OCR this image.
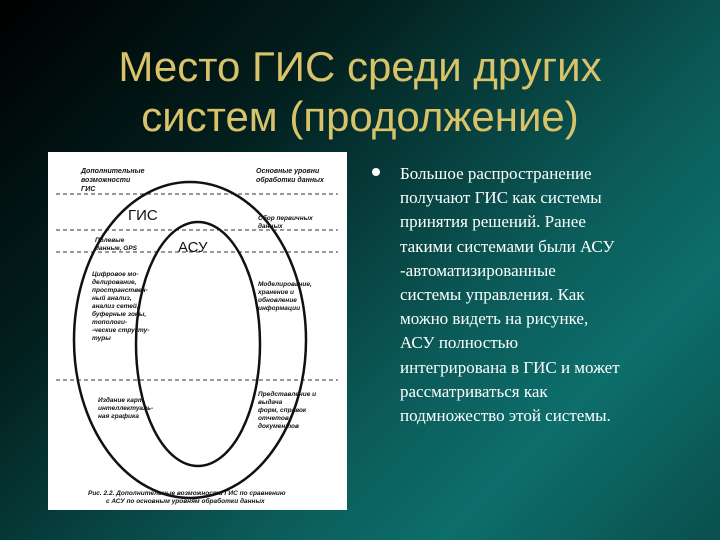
Место ГИС среди других
систем (продолжение)
Дополнительные возможности ГИС
Основные уровни обработки данных
ГИС
АСУ
Полевые данные, GPS
Цифровое мо- делирование, пространствен- ный анализ, анализ сетей, буферные зоны, топологи- -ческие структу- туры
Издание карт, интеллектуаль- ная графика
Сбор первичных данных
Моделирование, хранение и обновление информации
Представление и выдача форм, справок отчетов, документов
Рис. 2.2. Дополнительные возможности ГИС по сравнению с АСУ по основным уровням обработки данных
Большое распространение
получают ГИС как системы
принятия решений. Ранее
такими системами были АСУ
-автоматизированные
системы управления. Как
можно видеть на рисунке,
АСУ полностью
интегрирована в ГИС и может
рассматриваться как
подмножество этой системы.
